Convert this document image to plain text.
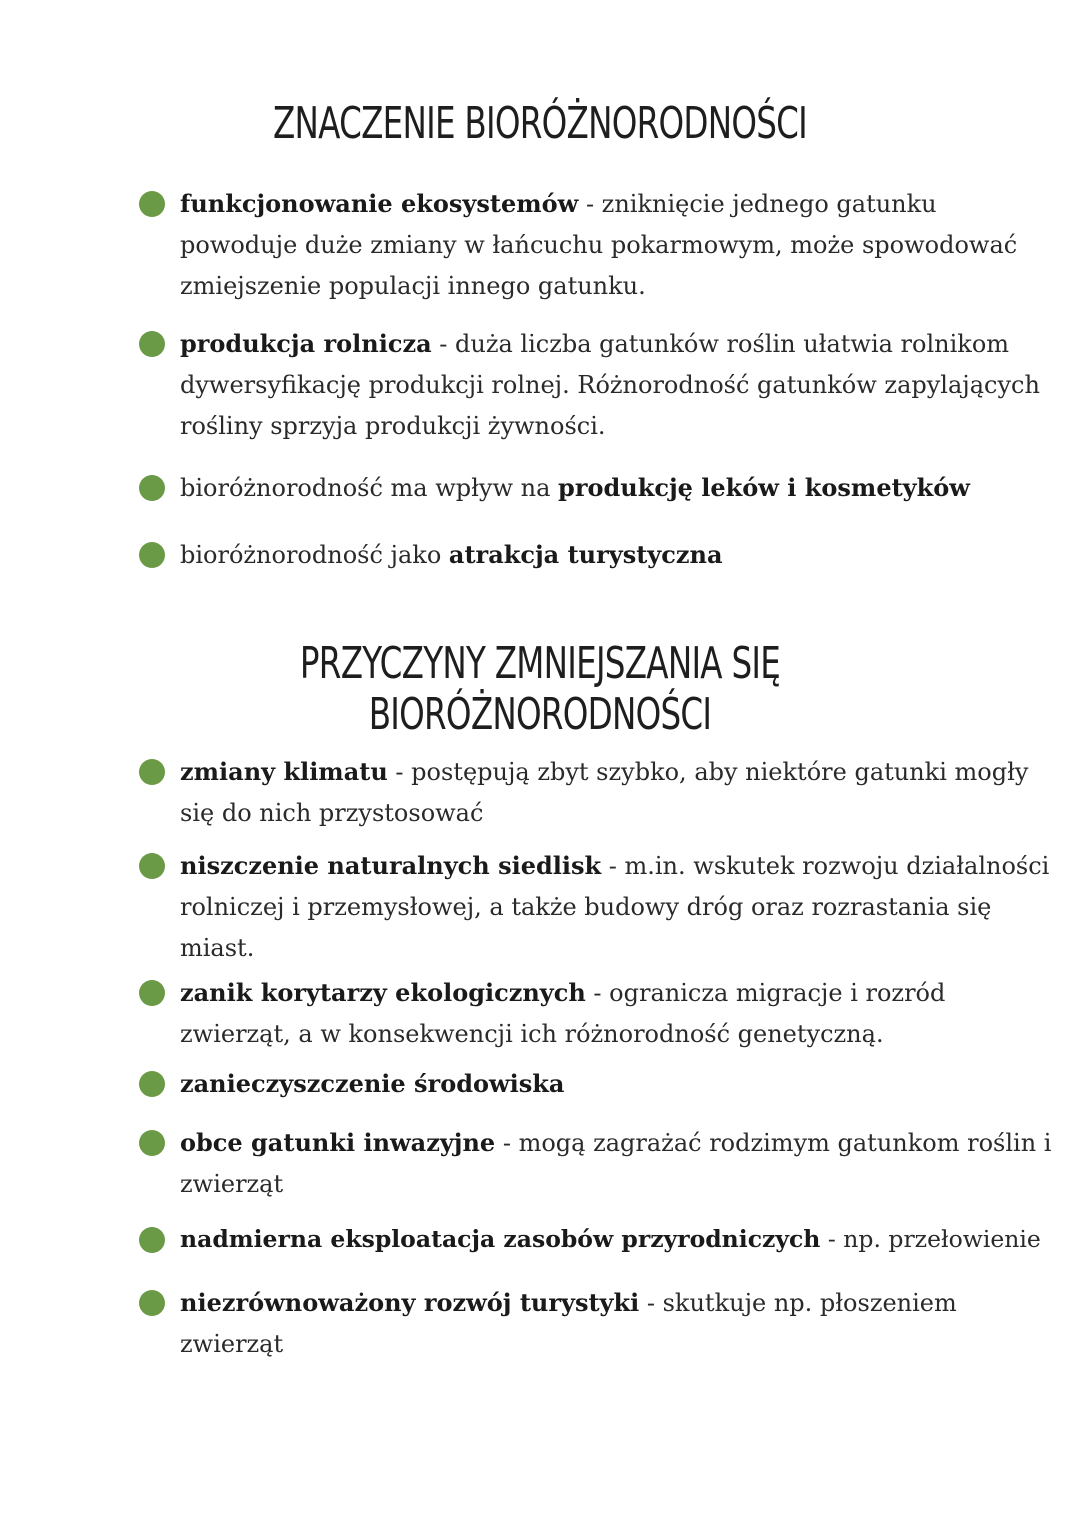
ZNACZENIE BIORÓŻNORODNOŚCI
funkcjonowanie ekosystemów - zniknięcie jednego gatunku powoduje duże zmiany w łańcuchu pokarmowym, może spowodować zmiejszenie populacji innego gatunku.
produkcja rolnicza - duża liczba gatunków roślin ułatwia rolnikom dywersyfikację produkcji rolnej. Różnorodność gatunków zapylających rośliny sprzyja produkcji żywności.
bioróżnorodność ma wpływ na produkcję leków i kosmetyków
bioróżnorodność jako atrakcja turystyczna
PRZYCZYNY ZMNIEJSZANIA SIĘ BIORÓŻNORODNOŚCI
zmiany klimatu - postępują zbyt szybko, aby niektóre gatunki mogły się do nich przystosować
niszczenie naturalnych siedlisk - m.in. wskutek rozwoju działalności rolniczej i przemysłowej, a także budowy dróg oraz rozrastania się miast.
zanik korytarzy ekologicznych - ogranicza migracje i rozród zwierząt, a w konsekwencji ich różnorodność genetyczną.
zanieczyszczenie środowiska
obce gatunki inwazyjne - mogą zagrażać rodzimym gatunkom roślin i zwierząt
nadmierna eksploatacja zasobów przyrodniczych - np. przełowienie
niezrównoważony rozwój turystyki - skutkuje np. płoszeniem zwierząt
